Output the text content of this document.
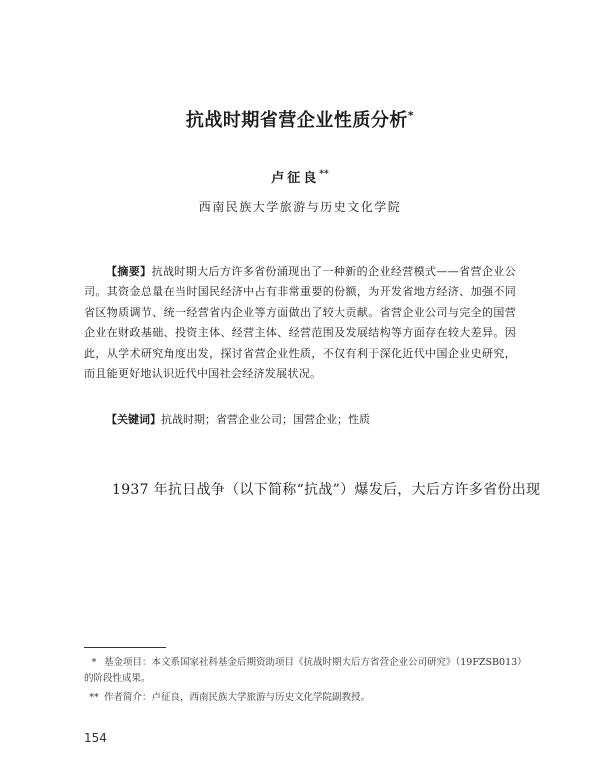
抗战时期省营企业性质分析*
卢征良**
西南民族大学旅游与历史文化学院
【摘要】抗战时期大后方许多省份涌现出了一种新的企业经营模式——省营企业公司。其资金总量在当时国民经济中占有非常重要的份额，为开发省地方经济、加强不同省区物质调节、统一经营省内企业等方面做出了较大贡献。省营企业公司与完全的国营企业在财政基础、投资主体、经营主体、经营范围及发展结构等方面存在较大差异。因此，从学术研究角度出发，探讨省营企业性质，不仅有利于深化近代中国企业史研究，而且能更好地认识近代中国社会经济发展状况。
【关键词】抗战时期；省营企业公司；国营企业；性质
1937 年抗日战争（以下简称“抗战”）爆发后，大后方许多省份出现
* 基金项目：本文系国家社科基金后期资助项目《抗战时期大后方省营企业公司研究》（19FZSB013）的阶段性成果。
** 作者简介：卢征良，西南民族大学旅游与历史文化学院副教授。
154
